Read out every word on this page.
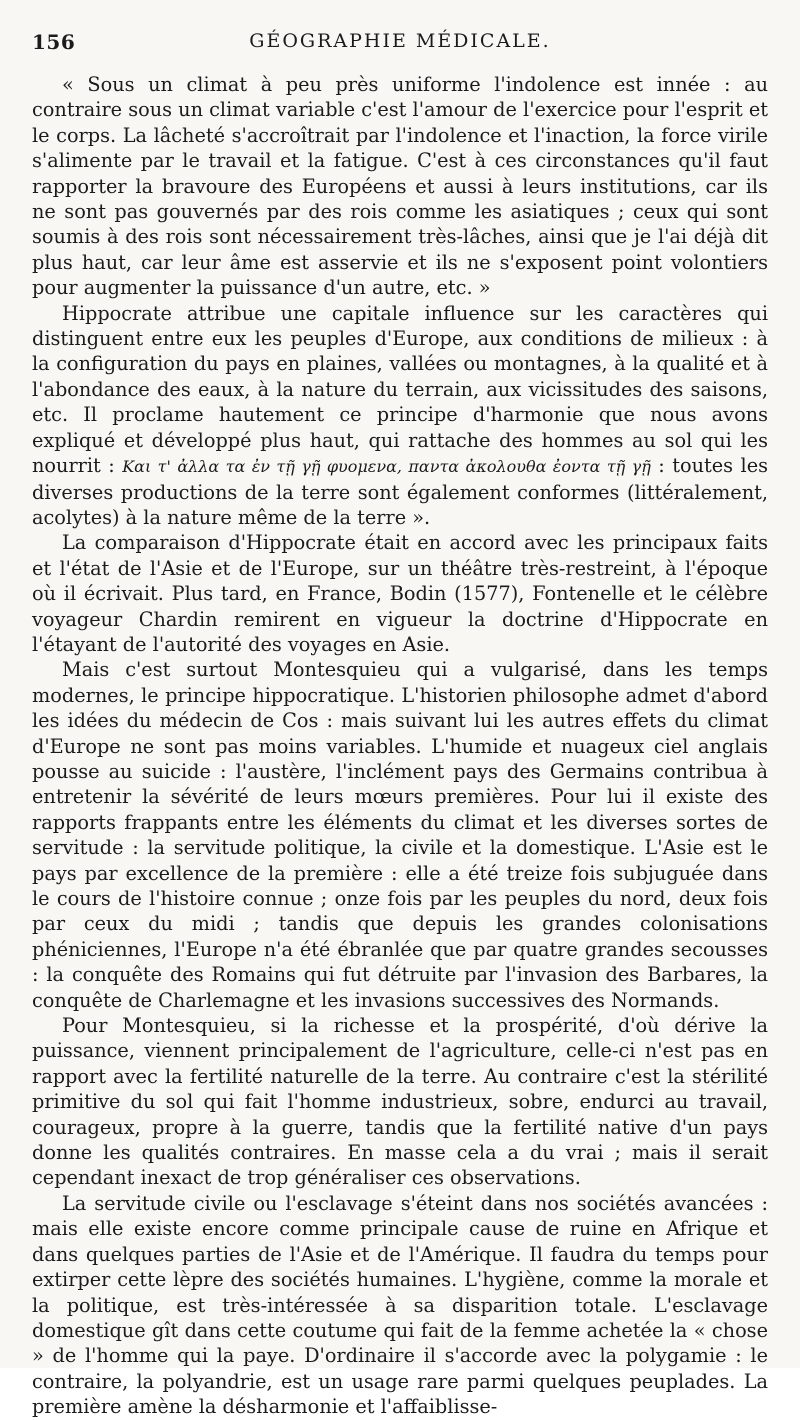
156	GÉOGRAPHIE MÉDICALE.

« Sous un climat à peu près uniforme l'indolence est innée : au contraire sous un climat variable c'est l'amour de l'exercice pour l'esprit et le corps. La lâcheté s'accroîtrait par l'indolence et l'inaction, la force virile s'alimente par le travail et la fatigue. C'est à ces circonstances qu'il faut rapporter la bravoure des Européens et aussi à leurs institutions, car ils ne sont pas gouvernés par des rois comme les asiatiques ; ceux qui sont soumis à des rois sont nécessairement très-lâches, ainsi que je l'ai déjà dit plus haut, car leur âme est asservie et ils ne s'exposent point volontiers pour augmenter la puissance d'un autre, etc. »

Hippocrate attribue une capitale influence sur les caractères qui distinguent entre eux les peuples d'Europe, aux conditions de milieux : à la configuration du pays en plaines, vallées ou montagnes, à la qualité et à l'abondance des eaux, à la nature du terrain, aux vicissitudes des saisons, etc. Il proclame hautement ce principe d'harmonie que nous avons expliqué et développé plus haut, qui rattache des hommes au sol qui les nourrit : Και τ' ἀλλα τα ἐν τῇ γῇ φυομενα, παντα ἀκολουθα ἐοντα τῇ γῇ : toutes les diverses productions de la terre sont également conformes (littéralement, acolytes) à la nature même de la terre ».

La comparaison d'Hippocrate était en accord avec les principaux faits et l'état de l'Asie et de l'Europe, sur un théâtre très-restreint, à l'époque où il écrivait. Plus tard, en France, Bodin (1577), Fontenelle et le célèbre voyageur Chardin remirent en vigueur la doctrine d'Hippocrate en l'étayant de l'autorité des voyages en Asie.

Mais c'est surtout Montesquieu qui a vulgarisé, dans les temps modernes, le principe hippocratique. L'historien philosophe admet d'abord les idées du médecin de Cos : mais suivant lui les autres effets du climat d'Europe ne sont pas moins variables. L'humide et nuageux ciel anglais pousse au suicide : l'austère, l'inclément pays des Germains contribua à entretenir la sévérité de leurs mœurs premières. Pour lui il existe des rapports frappants entre les éléments du climat et les diverses sortes de servitude : la servitude politique, la civile et la domestique. L'Asie est le pays par excellence de la première : elle a été treize fois subjuguée dans le cours de l'histoire connue ; onze fois par les peuples du nord, deux fois par ceux du midi ; tandis que depuis les grandes colonisations phéniciennes, l'Europe n'a été ébranlée que par quatre grandes secousses : la conquête des Romains qui fut détruite par l'invasion des Barbares, la conquête de Charlemagne et les invasions successives des Normands.

Pour Montesquieu, si la richesse et la prospérité, d'où dérive la puissance, viennent principalement de l'agriculture, celle-ci n'est pas en rapport avec la fertilité naturelle de la terre. Au contraire c'est la stérilité primitive du sol qui fait l'homme industrieux, sobre, endurci au travail, courageux, propre à la guerre, tandis que la fertilité native d'un pays donne les qualités contraires. En masse cela a du vrai ; mais il serait cependant inexact de trop généraliser ces observations.

La servitude civile ou l'esclavage s'éteint dans nos sociétés avancées : mais elle existe encore comme principale cause de ruine en Afrique et dans quelques parties de l'Asie et de l'Amérique. Il faudra du temps pour extirper cette lèpre des sociétés humaines. L'hygiène, comme la morale et la politique, est très-intéressée à sa disparition totale. L'esclavage domestique gît dans cette coutume qui fait de la femme achetée la « chose » de l'homme qui la paye. D'ordinaire il s'accorde avec la polygamie : le contraire, la polyandrie, est un usage rare parmi quelques peuplades. La première amène la désharmonie et l'affaiblisse-
